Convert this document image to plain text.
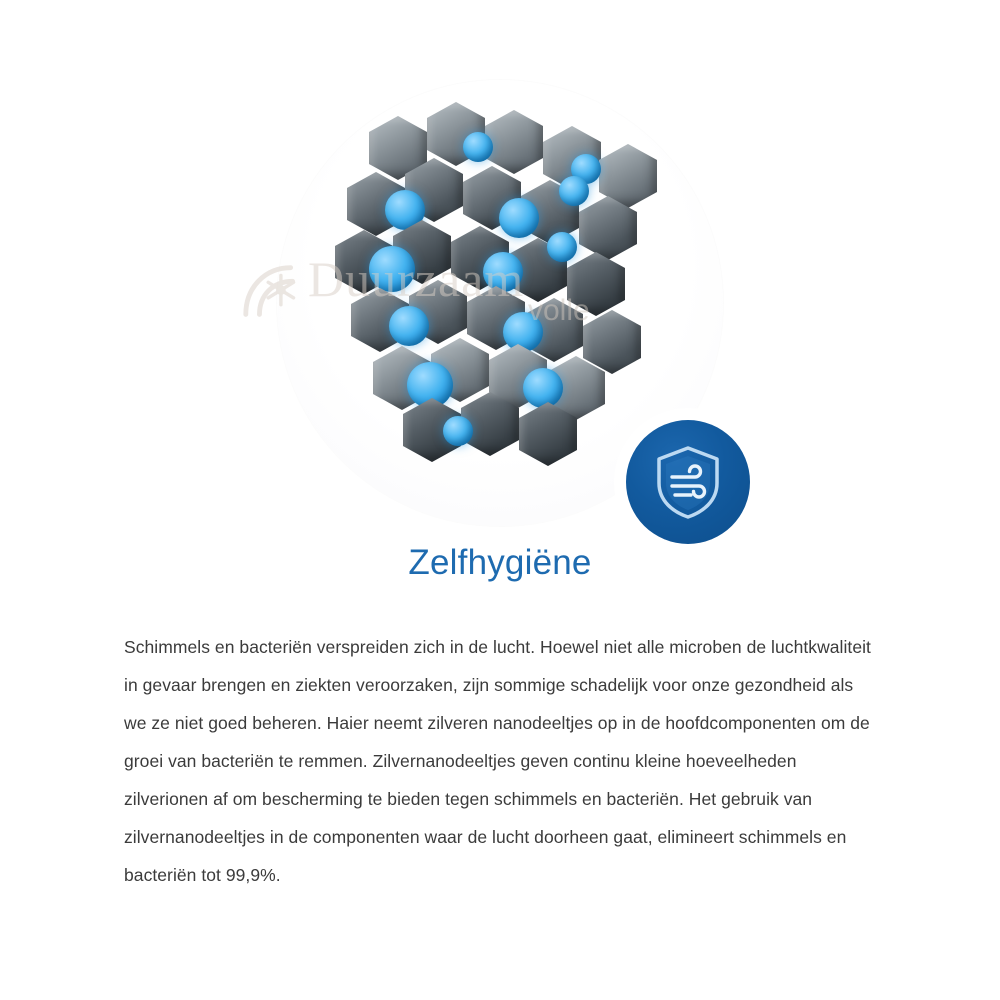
Duurzaam
volle
Zelfhygiëne
Schimmels en bacteriën verspreiden zich in de lucht. Hoewel niet alle microben de luchtkwaliteit in gevaar brengen en ziekten veroorzaken, zijn sommige schadelijk voor onze gezondheid als we ze niet goed beheren. Haier neemt zilveren nanodeeltjes op in de hoofdcomponenten om de groei van bacteriën te remmen. Zilvernanodeeltjes geven continu kleine hoeveelheden zilverionen af om bescherming te bieden tegen schimmels en bacteriën. Het gebruik van zilvernanodeeltjes in de componenten waar de lucht doorheen gaat, elimineert schimmels en bacteriën tot 99,9%.
